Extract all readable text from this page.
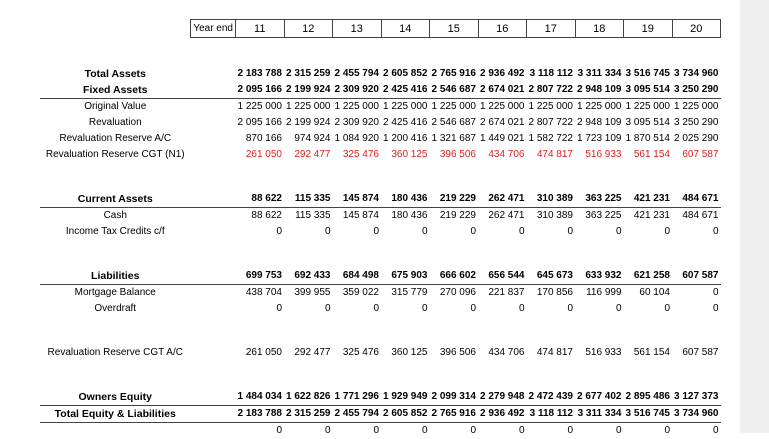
	Year end	11	12	13	14	15	16	17	18	19	20

Total Assets		2 183 788	2 315 259	2 455 794	2 605 852	2 765 916	2 936 492	3 118 112	3 311 334	3 516 745	3 734 960
Fixed Assets		2 095 166	2 199 924	2 309 920	2 425 416	2 546 687	2 674 021	2 807 722	2 948 109	3 095 514	3 250 290
Original Value		1 225 000	1 225 000	1 225 000	1 225 000	1 225 000	1 225 000	1 225 000	1 225 000	1 225 000	1 225 000
Revaluation		2 095 166	2 199 924	2 309 920	2 425 416	2 546 687	2 674 021	2 807 722	2 948 109	3 095 514	3 250 290
Revaluation Reserve A/C		870 166	974 924	1 084 920	1 200 416	1 321 687	1 449 021	1 582 722	1 723 109	1 870 514	2 025 290
Revaluation Reserve CGT (N1)		261 050	292 477	325 476	360 125	396 506	434 706	474 817	516 933	561 154	607 587

Current Assets		88 622	115 335	145 874	180 436	219 229	262 471	310 389	363 225	421 231	484 671
Cash		88 622	115 335	145 874	180 436	219 229	262 471	310 389	363 225	421 231	484 671
Income Tax Credits c/f		0	0	0	0	0	0	0	0	0	0

Liabilities		699 753	692 433	684 498	675 903	666 602	656 544	645 673	633 932	621 258	607 587
Mortgage Balance		438 704	399 955	359 022	315 779	270 096	221 837	170 856	116 999	60 104	0
Overdraft		0	0	0	0	0	0	0	0	0	0

Revaluation Reserve CGT A/C		261 050	292 477	325 476	360 125	396 506	434 706	474 817	516 933	561 154	607 587

Owners Equity		1 484 034	1 622 826	1 771 296	1 929 949	2 099 314	2 279 948	2 472 439	2 677 402	2 895 486	3 127 373
Total Equity & Liabilities		2 183 788	2 315 259	2 455 794	2 605 852	2 765 916	2 936 492	3 118 112	3 311 334	3 516 745	3 734 960
		0	0	0	0	0	0	0	0	0	0
